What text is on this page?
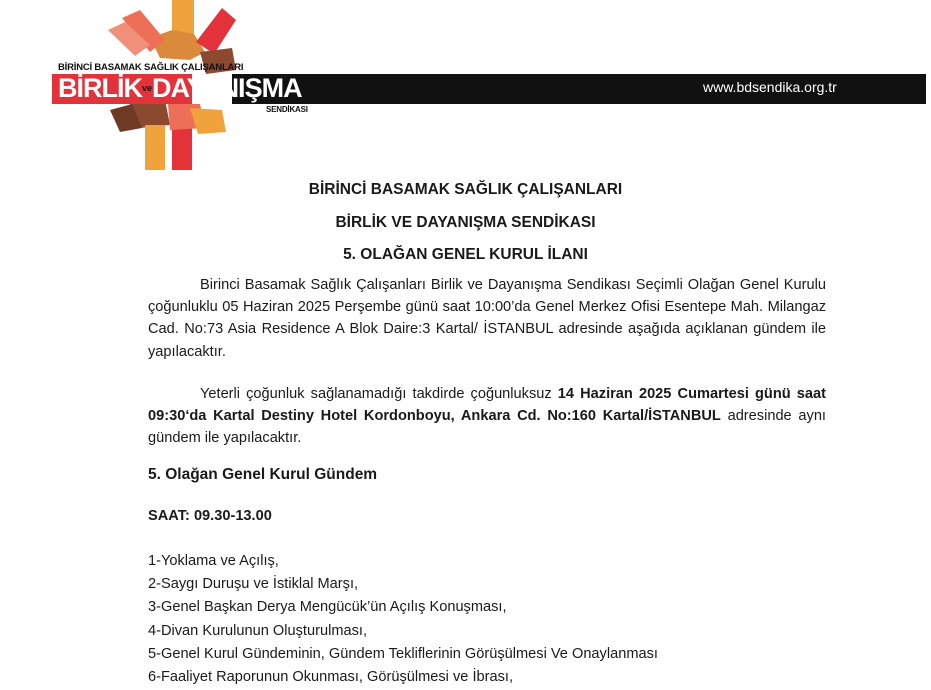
BİRİNCİ BASAMAK SAĞLIK ÇALIŞANLARI
$BİRLİK^{ve}DAYANIŞMA$
SENDİKASI
www.bdsendika.org.tr
BİRİNCİ BASAMAK SAĞLIK ÇALIŞANLARI
BİRLİK VE DAYANIŞMA SENDİKASI
5. OLAĞAN GENEL KURUL İLANI
Birinci Basamak Sağlık Çalışanları Birlik ve Dayanışma Sendikası Seçimli Olağan Genel Kurulu çoğunluklu 05 Haziran 2025 Perşembe günü saat 10:00’da Genel Merkez Ofisi Esentepe Mah. Milangaz Cad. No:73 Asia Residence A Blok Daire:3 Kartal/ İSTANBUL adresinde aşağıda açıklanan gündem ile yapılacaktır.
Yeterli çoğunluk sağlanamadığı takdirde çoğunluksuz 14 Haziran 2025 Cumartesi günü saat 09:30‘da Kartal Destiny Hotel Kordonboyu, Ankara Cd. No:160 Kartal/İSTANBUL adresinde aynı gündem ile yapılacaktır.
5. Olağan Genel Kurul Gündem
SAAT: 09.30-13.00
1-Yoklama ve Açılış,
2-Saygı Duruşu ve İstiklal Marşı,
3-Genel Başkan Derya Mengücük’ün Açılış Konuşması,
4-Divan Kurulunun Oluşturulması,
5-Genel Kurul Gündeminin, Gündem Tekliflerinin Görüşülmesi Ve Onaylanması
6-Faaliyet Raporunun Okunması, Görüşülmesi ve İbrası,
